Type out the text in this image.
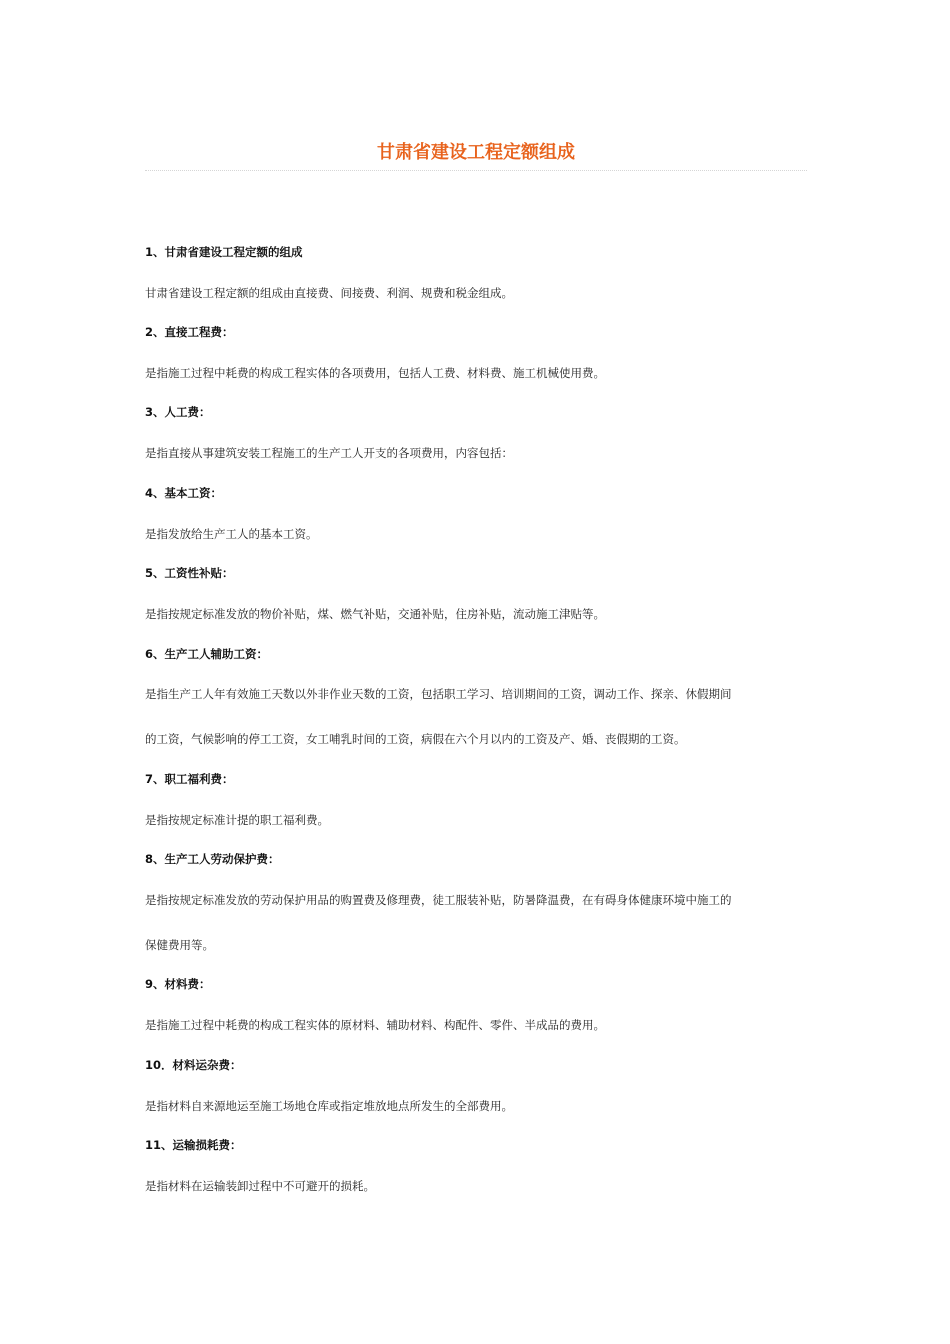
甘肃省建设工程定额组成

1、甘肃省建设工程定额的组成

甘肃省建设工程定额的组成由直接费、间接费、利润、规费和税金组成。

2、直接工程费：

是指施工过程中耗费的构成工程实体的各项费用，包括人工费、材料费、施工机械使用费。

3、人工费：

是指直接从事建筑安装工程施工的生产工人开支的各项费用，内容包括：

4、基本工资：

是指发放给生产工人的基本工资。

5、工资性补贴：

是指按规定标准发放的物价补贴，煤、燃气补贴，交通补贴，住房补贴，流动施工津贴等。

6、生产工人辅助工资：

是指生产工人年有效施工天数以外非作业天数的工资，包括职工学习、培训期间的工资，调动工作、探亲、休假期间

的工资，气候影响的停工工资，女工哺乳时间的工资，病假在六个月以内的工资及产、婚、丧假期的工资。

7、职工福利费：

是指按规定标准计提的职工福利费。

8、生产工人劳动保护费：

是指按规定标准发放的劳动保护用品的购置费及修理费，徒工服装补贴，防暑降温费，在有碍身体健康环境中施工的

保健费用等。

9、材料费：

是指施工过程中耗费的构成工程实体的原材料、辅助材料、构配件、零件、半成品的费用。

10．材料运杂费：

是指材料自来源地运至施工场地仓库或指定堆放地点所发生的全部费用。

11、运输损耗费：

是指材料在运输装卸过程中不可避开的损耗。
